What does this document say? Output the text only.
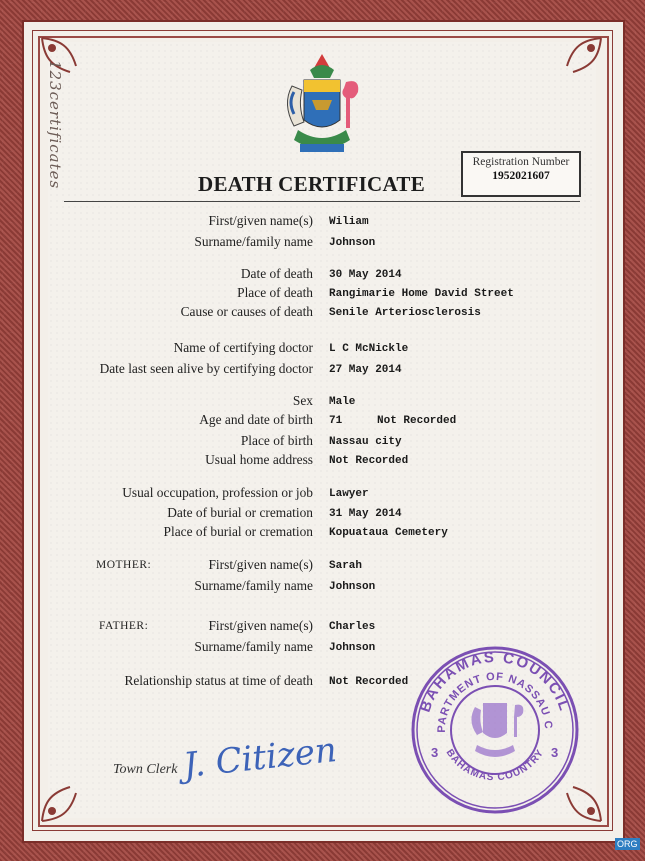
123certificates	DEATH CERTIFICATE
Registration Number
1952021607
First/given name(s) Wiliam
Surname/family name Johnson
Date of death 30 May 2014
Place of death Rangimarie Home David Street
Cause or causes of death Senile Arteriosclerosis
Name of certifying doctor L C McNickle
Date last seen alive by certifying doctor 27 May 2014
Sex Male
Age and date of birth 71	Not Recorded
Place of birth Nassau city
Usual home address Not Recorded
Usual occupation, profession or job Lawyer
Date of burial or cremation 31 May 2014
Place of burial or cremation Kopuataua Cemetery
MOTHER:	First/given name(s) Sarah
Surname/family name Johnson
FATHER:	First/given name(s) Charles
Surname/family name Johnson
Relationship status at time of death Not Recorded
Town Clerk J. Citizen
BAHAMAS COUNCIL
PARTMENT OF NASSAU C
BAHAMAS COUNTRY
3	3
ORG
